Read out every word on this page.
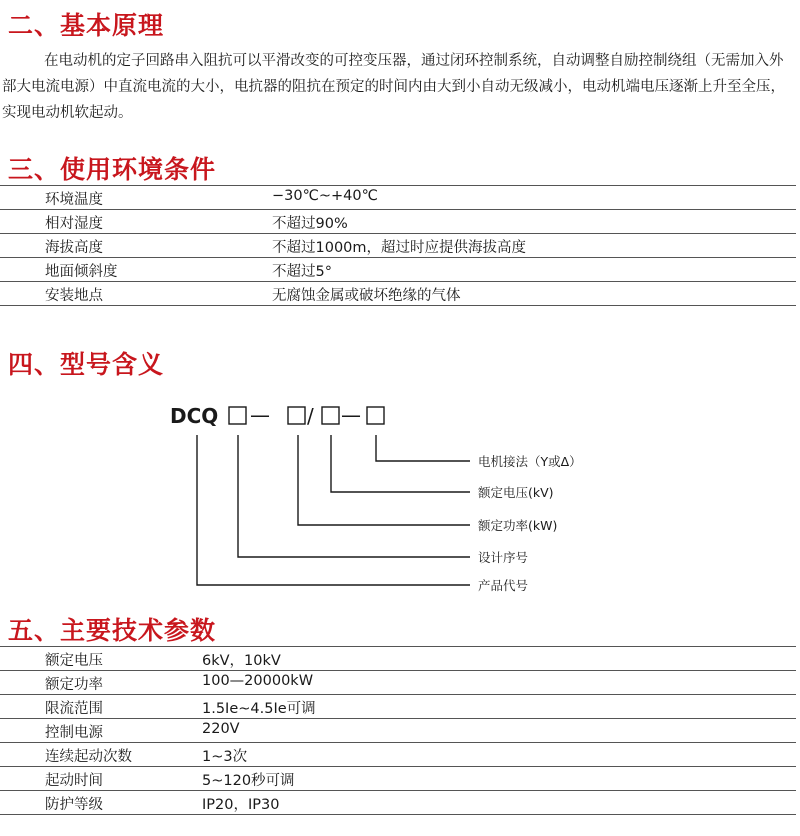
二、基本原理

在电动机的定子回路串入阻抗可以平滑改变的可控变压器，通过闭环控制系统，自动调整自励控制绕组（无需加入外部大电流电源）中直流电流的大小，电抗器的阻抗在预定的时间内由大到小自动无级减小，电动机端电压逐渐上升至全压，实现电动机软起动。

三、使用环境条件
环境温度	−30℃~+40℃
相对湿度	不超过90%
海拔高度	不超过1000m，超过时应提供海拔高度
地面倾斜度	不超过5°
安装地点	无腐蚀金属或破坏绝缘的气体
四、型号含义
DCQ — / —
电机接法（Y或Δ）
额定电压(kV)
额定功率(kW)
设计序号
产品代号
五、主要技术参数
额定电压	6kV，10kV
额定功率	100—20000kW
限流范围	1.5Ie~4.5Ie可调
控制电源	220V
连续起动次数	1~3次
起动时间	5~120秒可调
防护等级	IP20，IP30
